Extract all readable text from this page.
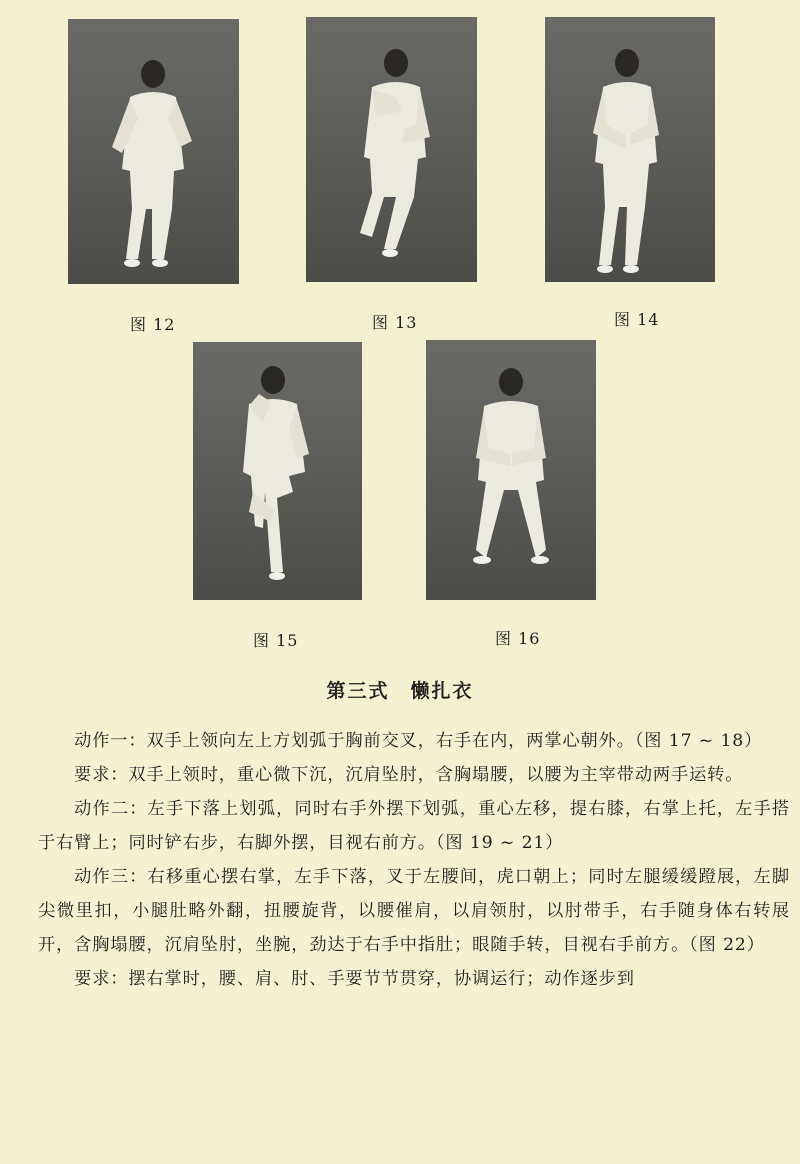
图 12	图 13	图 14
图 15	图 16
第三式　懒扎衣

动作一：双手上领向左上方划弧于胸前交叉，右手在内，两掌心朝外。（图 17 ~ 18）

要求：双手上领时，重心微下沉，沉肩坠肘，含胸塌腰，以腰为主宰带动两手运转。

动作二：左手下落上划弧，同时右手外摆下划弧，重心左移，提右膝，右掌上托，左手搭于右臂上；同时铲右步，右脚外摆，目视右前方。（图 19 ~ 21）

动作三：右移重心摆右掌，左手下落，叉于左腰间，虎口朝上；同时左腿缓缓蹬展，左脚尖微里扣，小腿肚略外翻，扭腰旋背，以腰催肩，以肩领肘，以肘带手，右手随身体右转展开，含胸塌腰，沉肩坠肘，坐腕，劲达于右手中指肚；眼随手转，目视右手前方。（图 22）

要求：摆右掌时，腰、肩、肘、手要节节贯穿，协调运行；动作逐步到
